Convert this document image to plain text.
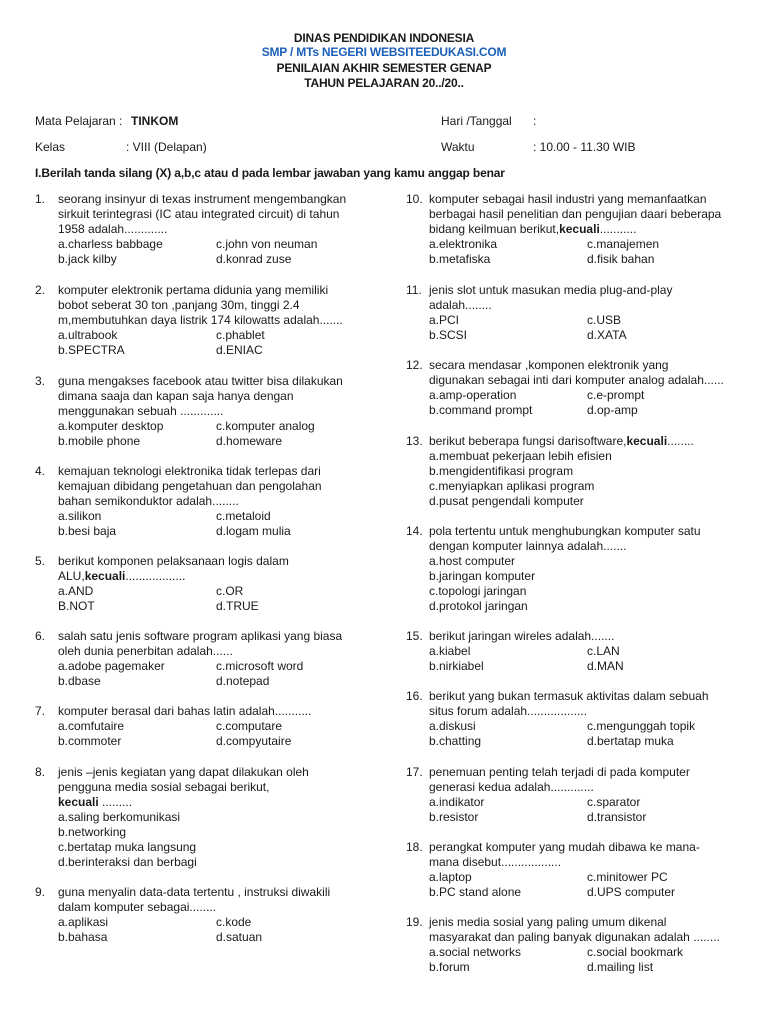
DINAS PENDIDIKAN INDONESIA
SMP / MTs NEGERI WEBSITEEDUKASI.COM
PENILAIAN AKHIR SEMESTER GENAP
TAHUN PELAJARAN 20../20..
Mata Pelajaran : TINKOM
Kelas	: VIII (Delapan)
Hari /Tanggal :
Waktu	: 10.00 - 11.30 WIB
I.Berilah tanda silang (X) a,b,c atau d pada lembar jawaban yang kamu anggap benar
1. seorang insinyur di texas instrument mengembangkan
sirkuit terintegrasi (IC atau integrated circuit) di tahun
1958 adalah.............
a.charless babbage	c.john von neuman
b.jack kilby	d.konrad zuse
2. komputer elektronik pertama didunia yang memiliki
bobot seberat 30 ton ,panjang 30m, tinggi 2.4
m,membutuhkan daya listrik 174 kilowatts adalah.......
a.ultrabook	c.phablet
b.SPECTRA	d.ENIAC
3. guna mengakses facebook atau twitter bisa dilakukan
dimana saaja dan kapan saja hanya dengan
menggunakan sebuah .............
a.komputer desktop	c.komputer analog
b.mobile phone	d.homeware
4. kemajuan teknologi elektronika tidak terlepas dari
kemajuan dibidang pengetahuan dan pengolahan
bahan semikonduktor adalah........
a.silikon	c.metaloid
b.besi baja	d.logam mulia
5. berikut komponen pelaksanaan logis dalam
ALU,kecuali..................
a.AND	c.OR
B.NOT	d.TRUE
6. salah satu jenis software program aplikasi yang biasa
oleh dunia penerbitan adalah......
a.adobe pagemaker	c.microsoft word
b.dbase	d.notepad
7. komputer berasal dari bahas latin adalah...........
a.comfutaire	c.computare
b.commoter	d.compyutaire
8. jenis –jenis kegiatan yang dapat dilakukan oleh
pengguna media sosial sebagai berikut,
kecuali .........
a.saling berkomunikasi
b.networking
c.bertatap muka langsung
d.berinteraksi dan berbagi
9. guna menyalin data-data tertentu , instruksi diwakili
dalam komputer sebagai........
a.aplikasi	c.kode
b.bahasa	d.satuan
10. komputer sebagai hasil industri yang memanfaatkan
berbagai hasil penelitian dan pengujian daari beberapa
bidang keilmuan berikut,kecuali...........
a.elektronika	c.manajemen
b.metafiska	d.fisik bahan
11. jenis slot untuk masukan media plug-and-play
adalah........
a.PCI	c.USB
b.SCSI	d.XATA
12. secara mendasar ,komponen elektronik yang
digunakan sebagai inti dari komputer analog adalah......
a.amp-operation	c.e-prompt
b.command prompt	d.op-amp
13. berikut beberapa fungsi darisoftware,kecuali........
a.membuat pekerjaan lebih efisien
b.mengidentifikasi program
c.menyiapkan aplikasi program
d.pusat pengendali komputer
14. pola tertentu untuk menghubungkan komputer satu
dengan komputer lainnya adalah.......
a.host computer
b.jaringan komputer
c.topologi jaringan
d.protokol jaringan
15. berikut jaringan wireles adalah.......
a.kiabel	c.LAN
b.nirkiabel	d.MAN
16. berikut yang bukan termasuk aktivitas dalam sebuah
situs forum adalah..................
a.diskusi	c.mengunggah topik
b.chatting	d.bertatap muka
17. penemuan penting telah terjadi di pada komputer
generasi kedua adalah.............
a.indikator	c.sparator
b.resistor	d.transistor
18. perangkat komputer yang mudah dibawa ke mana-
mana disebut..................
a.laptop	c.minitower PC
b.PC stand alone	d.UPS computer
19. jenis media sosial yang paling umum dikenal
masyarakat dan paling banyak digunakan adalah ........
a.social networks	c.social bookmark
b.forum	d.mailing list
